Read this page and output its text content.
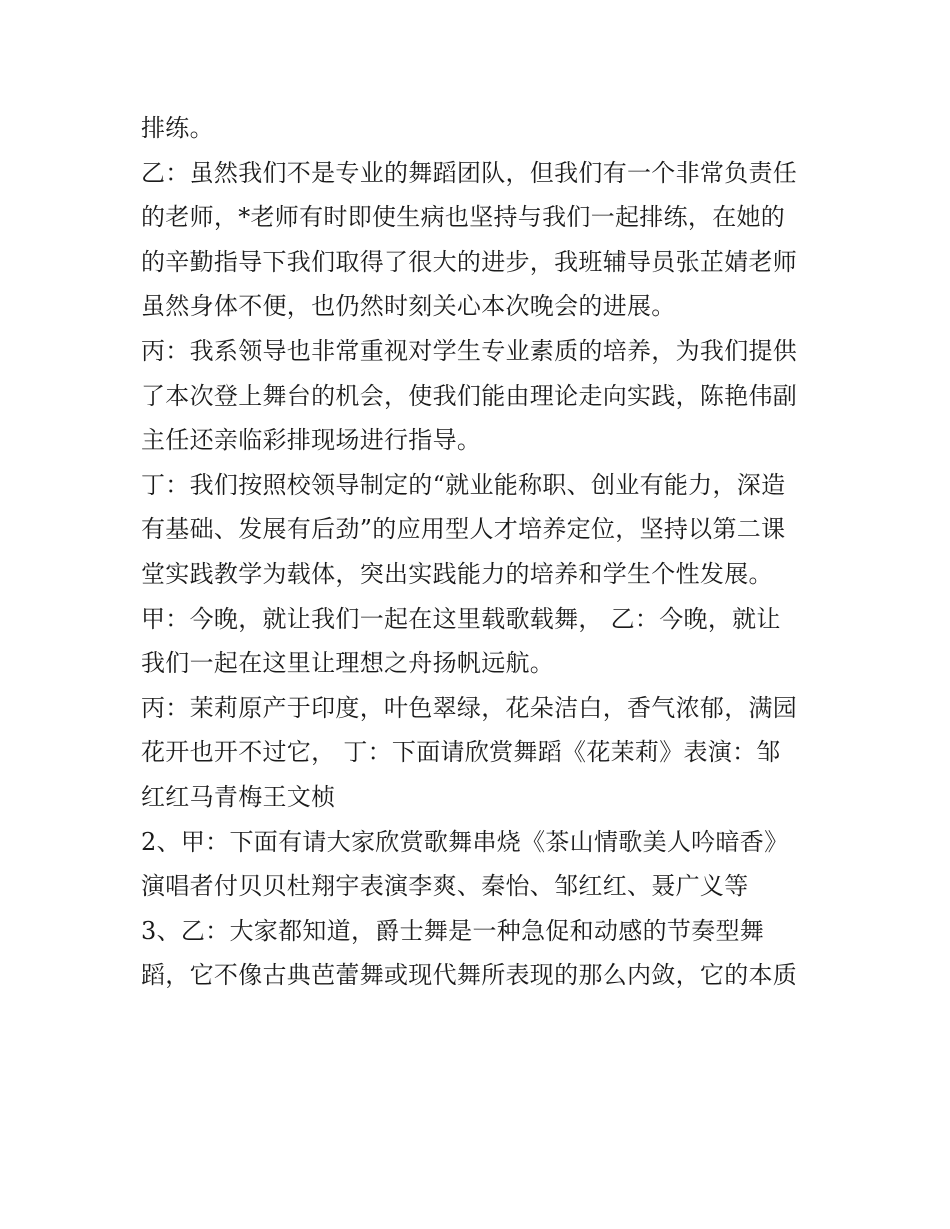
排练。
乙：虽然我们不是专业的舞蹈团队，但我们有一个非常负责任
的老师，*老师有时即使生病也坚持与我们一起排练，在她的
的辛勤指导下我们取得了很大的进步，我班辅导员张芷婧老师
虽然身体不便，也仍然时刻关心本次晚会的进展。
丙：我系领导也非常重视对学生专业素质的培养，为我们提供
了本次登上舞台的机会，使我们能由理论走向实践，陈艳伟副
主任还亲临彩排现场进行指导。
丁：我们按照校领导制定的“就业能称职、创业有能力，深造
有基础、发展有后劲”的应用型人才培养定位，坚持以第二课
堂实践教学为载体，突出实践能力的培养和学生个性发展。
甲：今晚，就让我们一起在这里载歌载舞， 乙：今晚，就让
我们一起在这里让理想之舟扬帆远航。
丙：茉莉原产于印度，叶色翠绿，花朵洁白，香气浓郁，满园
花开也开不过它， 丁：下面请欣赏舞蹈《花茉莉》表演：邹
红红马青梅王文桢
2、甲：下面有请大家欣赏歌舞串烧《茶山情歌美人吟暗香》
演唱者付贝贝杜翔宇表演李爽、秦怡、邹红红、聂广义等
3、乙：大家都知道，爵士舞是一种急促和动感的节奏型舞
蹈，它不像古典芭蕾舞或现代舞所表现的那么内敛，它的本质
